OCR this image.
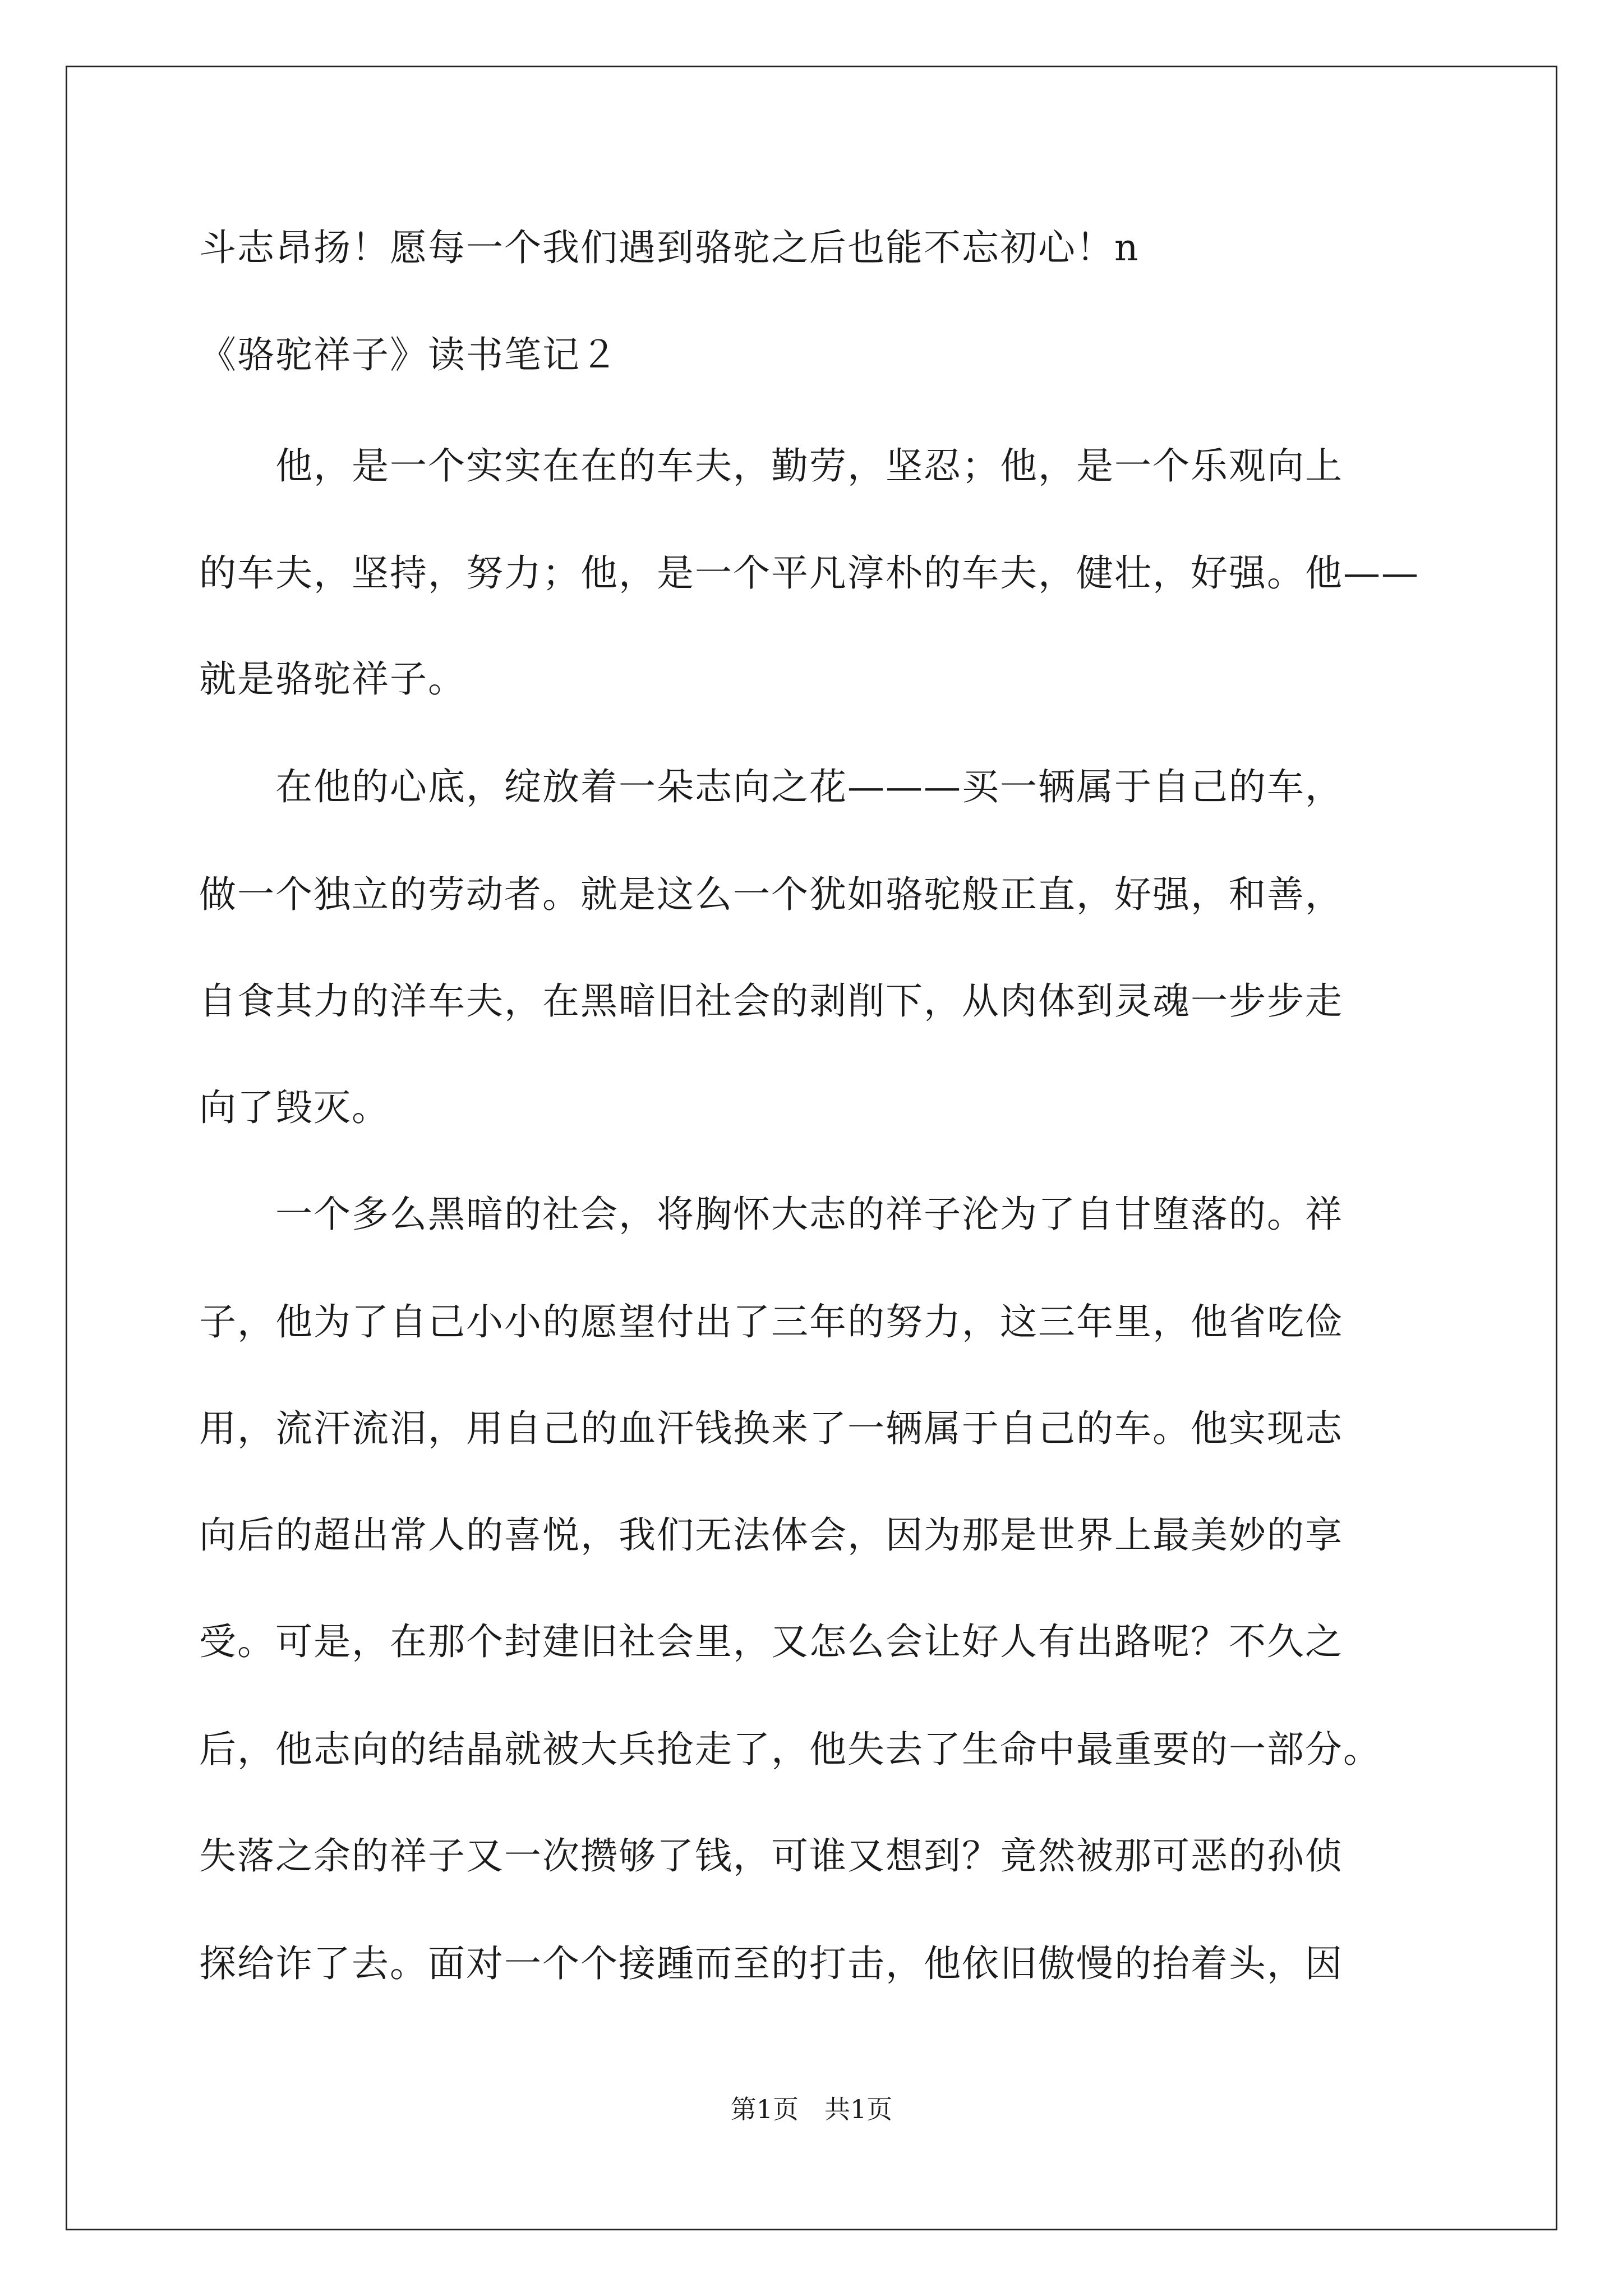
斗志昂扬！愿每一个我们遇到骆驼之后也能不忘初心！n
《骆驼祥子》读书笔记２
　　他，是一个实实在在的车夫，勤劳，坚忍；他，是一个乐观向上
的车夫，坚持，努力；他，是一个平凡淳朴的车夫，健壮，好强。他——
就是骆驼祥子。
　　在他的心底，绽放着一朵志向之花———买一辆属于自己的车，
做一个独立的劳动者。就是这么一个犹如骆驼般正直，好强，和善，
自食其力的洋车夫，在黑暗旧社会的剥削下，从肉体到灵魂一步步走
向了毁灭。
　　一个多么黑暗的社会，将胸怀大志的祥子沦为了自甘堕落的。祥
子，他为了自己小小的愿望付出了三年的努力，这三年里，他省吃俭
用，流汗流泪，用自己的血汗钱换来了一辆属于自己的车。他实现志
向后的超出常人的喜悦，我们无法体会，因为那是世界上最美妙的享
受。可是，在那个封建旧社会里，又怎么会让好人有出路呢？不久之
后，他志向的结晶就被大兵抢走了，他失去了生命中最重要的一部分。
失落之余的祥子又一次攒够了钱，可谁又想到？竟然被那可恶的孙侦
探给诈了去。面对一个个接踵而至的打击，他依旧傲慢的抬着头，因
第1页　共1页
